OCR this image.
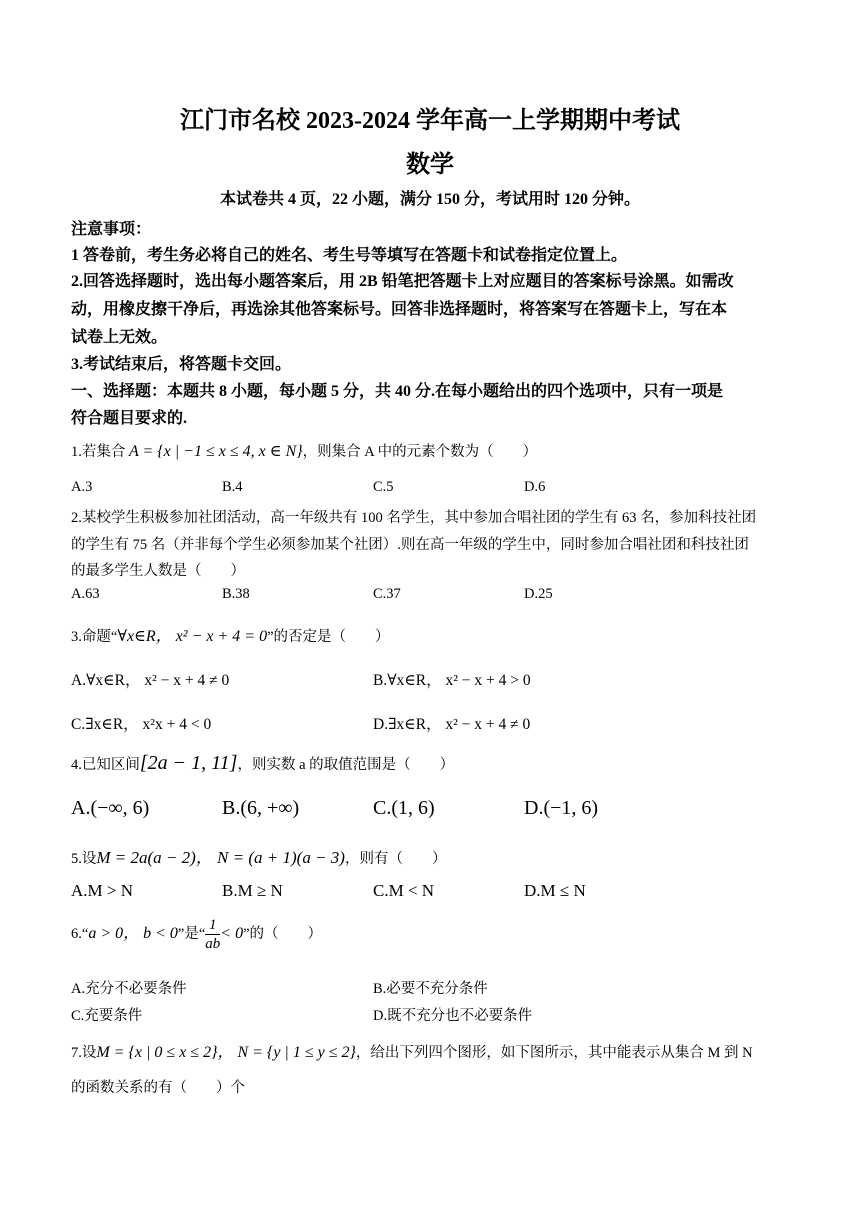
江门市名校 2023-2024 学年高一上学期期中考试
数学
本试卷共 4 页，22 小题，满分 150 分，考试用时 120 分钟。
注意事项：
1 答卷前，考生务必将自己的姓名、考生号等填写在答题卡和试卷指定位置上。
2.回答选择题时，选出每小题答案后，用 2B 铅笔把答题卡上对应题目的答案标号涂黑。如需改
动，用橡皮擦干净后，再选涂其他答案标号。回答非选择题时，将答案写在答题卡上，写在本
试卷上无效。
3.考试结束后，将答题卡交回。
一、选择题：本题共 8 小题，每小题 5 分，共 40 分.在每小题给出的四个选项中，只有一项是
符合题目要求的.
1.若集合 A = {x | −1 ≤ x ≤ 4, x ∈ N}，则集合 A 中的元素个数为（　　）
A.3	B.4	C.5	D.6
2.某校学生积极参加社团活动，高一年级共有 100 名学生，其中参加合唱社团的学生有 63 名，参加科技社团
的学生有 75 名（并非每个学生必须参加某个社团）.则在高一年级的学生中，同时参加合唱社团和科技社团
的最多学生人数是（　　）
A.63	B.38	C.37	D.25
3.命题“∀x∈R， x² − x + 4 = 0”的否定是（　　）
A.∀x∈R， x² − x + 4 ≠ 0	B.∀x∈R， x² − x + 4 > 0
C.∃x∈R， x²x + 4 < 0	D.∃x∈R， x² − x + 4 ≠ 0
4.已知区间[2a − 1, 11]，则实数 a 的取值范围是（　　）
A.(−∞, 6)	B.(6, +∞)	C.(1, 6)	D.(−1, 6)
5.设M = 2a(a − 2)， N = (a + 1)(a − 3)，则有（　　）
A.M > N	B.M ≥ N	C.M < N	D.M ≤ N
6.“a > 0， b < 0”是“ $\frac{1}{ab} < 0$”的（　　）
A.充分不必要条件	B.必要不充分条件
C.充要条件	D.既不充分也不必要条件
7.设M = {x | 0 ≤ x ≤ 2}， N = {y | 1 ≤ y ≤ 2}，给出下列四个图形，如下图所示，其中能表示从集合 M 到 N
的函数关系的有（　　）个
